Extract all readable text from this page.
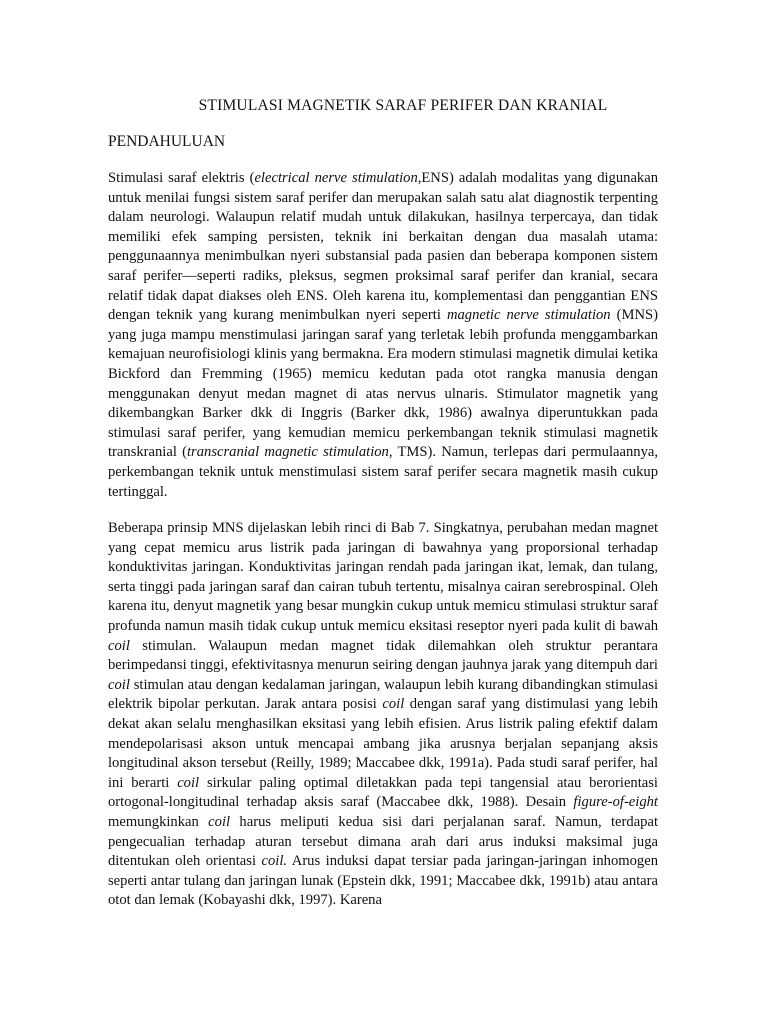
STIMULASI MAGNETIK SARAF PERIFER DAN KRANIAL
PENDAHULUAN

Stimulasi saraf elektris (electrical nerve stimulation,ENS) adalah modalitas yang digunakan untuk menilai fungsi sistem saraf perifer dan merupakan salah satu alat diagnostik terpenting dalam neurologi. Walaupun relatif mudah untuk dilakukan, hasilnya terpercaya, dan tidak memiliki efek samping persisten, teknik ini berkaitan dengan dua masalah utama: penggunaannya menimbulkan nyeri substansial pada pasien dan beberapa komponen sistem saraf perifer—seperti radiks, pleksus, segmen proksimal saraf perifer dan kranial, secara relatif tidak dapat diakses oleh ENS. Oleh karena itu, komplementasi dan penggantian ENS dengan teknik yang kurang menimbulkan nyeri seperti magnetic nerve stimulation (MNS) yang juga mampu menstimulasi jaringan saraf yang terletak lebih profunda menggambarkan kemajuan neurofisiologi klinis yang bermakna. Era modern stimulasi magnetik dimulai ketika Bickford dan Fremming (1965) memicu kedutan pada otot rangka manusia dengan menggunakan denyut medan magnet di atas nervus ulnaris. Stimulator magnetik yang dikembangkan Barker dkk di Inggris (Barker dkk, 1986) awalnya diperuntukkan pada stimulasi saraf perifer, yang kemudian memicu perkembangan teknik stimulasi magnetik transkranial (transcranial magnetic stimulation, TMS). Namun, terlepas dari permulaannya, perkembangan teknik untuk menstimulasi sistem saraf perifer secara magnetik masih cukup tertinggal.

Beberapa prinsip MNS dijelaskan lebih rinci di Bab 7. Singkatnya, perubahan medan magnet yang cepat memicu arus listrik pada jaringan di bawahnya yang proporsional terhadap konduktivitas jaringan. Konduktivitas jaringan rendah pada jaringan ikat, lemak, dan tulang, serta tinggi pada jaringan saraf dan cairan tubuh tertentu, misalnya cairan serebrospinal. Oleh karena itu, denyut magnetik yang besar mungkin cukup untuk memicu stimulasi struktur saraf profunda namun masih tidak cukup untuk memicu eksitasi reseptor nyeri pada kulit di bawah coil stimulan. Walaupun medan magnet tidak dilemahkan oleh struktur perantara berimpedansi tinggi, efektivitasnya menurun seiring dengan jauhnya jarak yang ditempuh dari coil stimulan atau dengan kedalaman jaringan, walaupun lebih kurang dibandingkan stimulasi elektrik bipolar perkutan. Jarak antara posisi coil dengan saraf yang distimulasi yang lebih dekat akan selalu menghasilkan eksitasi yang lebih efisien. Arus listrik paling efektif dalam mendepolarisasi akson untuk mencapai ambang jika arusnya berjalan sepanjang aksis longitudinal akson tersebut (Reilly, 1989; Maccabee dkk, 1991a). Pada studi saraf perifer, hal ini berarti coil sirkular paling optimal diletakkan pada tepi tangensial atau berorientasi ortogonal-longitudinal terhadap aksis saraf (Maccabee dkk, 1988). Desain figure-of-eight memungkinkan coil harus meliputi kedua sisi dari perjalanan saraf. Namun, terdapat pengecualian terhadap aturan tersebut dimana arah dari arus induksi maksimal juga ditentukan oleh orientasi coil. Arus induksi dapat tersiar pada jaringan-jaringan inhomogen seperti antar tulang dan jaringan lunak (Epstein dkk, 1991; Maccabee dkk, 1991b) atau antara otot dan lemak (Kobayashi dkk, 1997). Karena
